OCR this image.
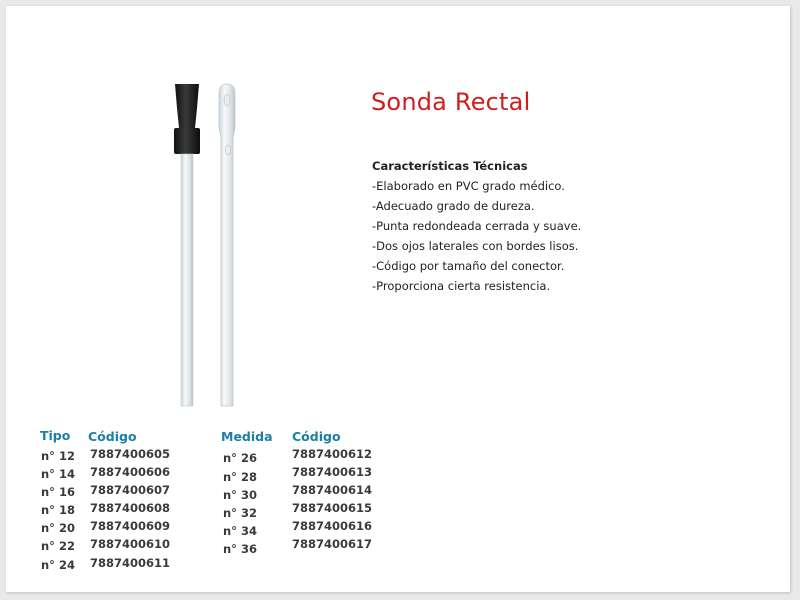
Sonda Rectal
Características Técnicas
-Elaborado en PVC grado médico.
-Adecuado grado de dureza.
-Punta redondeada cerrada y suave.
-Dos ojos laterales con bordes lisos.
-Código por tamaño del conector.
-Proporciona cierta resistencia.
Tipo Código
n° 12 7887400605
n° 14 7887400606
n° 16 7887400607
n° 18 7887400608
n° 20 7887400609
n° 22 7887400610
n° 24 7887400611
Medida Código
n° 26	7887400612
n° 28	7887400613
n° 30	7887400614
n° 32	7887400615
n° 34	7887400616
n° 36	7887400617
